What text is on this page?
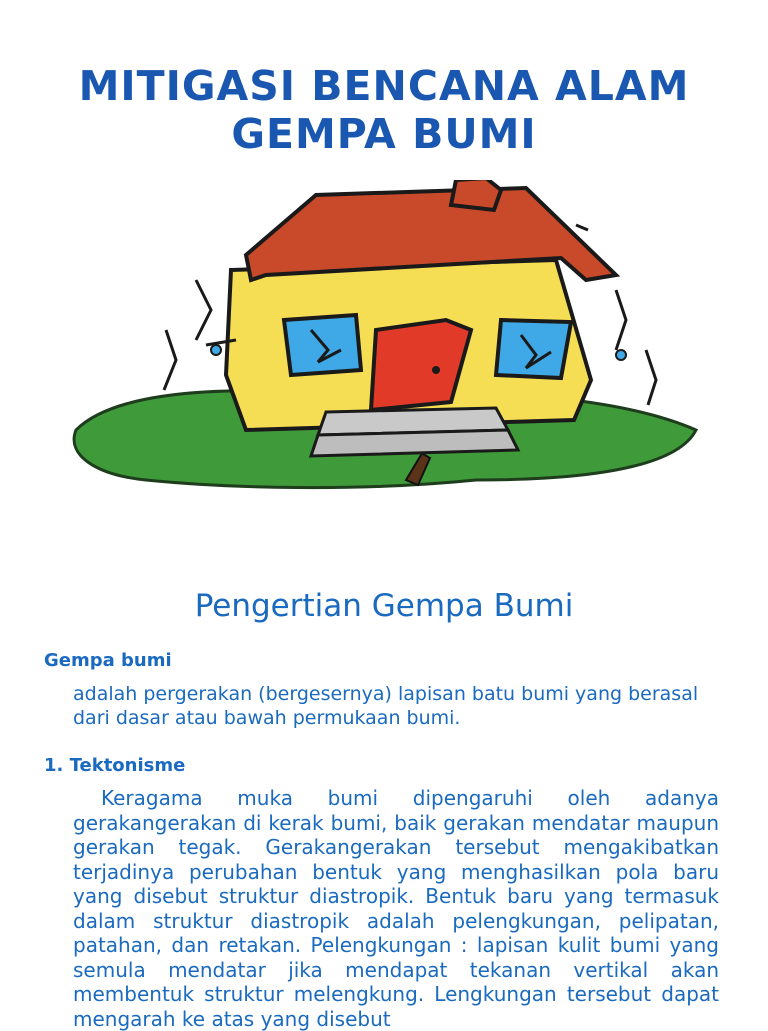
MITIGASI BENCANA ALAM
GEMPA BUMI
Pengertian Gempa Bumi
Gempa bumi
adalah pergerakan (bergesernya) lapisan batu bumi yang berasal dari dasar atau bawah permukaan bumi.
1. Tektonisme
Keragama muka bumi dipengaruhi oleh adanya gerakangerakan di kerak bumi, baik gerakan mendatar maupun gerakan tegak. Gerakangerakan tersebut mengakibatkan terjadinya perubahan bentuk yang menghasilkan pola baru yang disebut struktur diastropik. Bentuk baru yang termasuk dalam struktur diastropik adalah pelengkungan, pelipatan, patahan, dan retakan. Pelengkungan : lapisan kulit bumi yang semula mendatar jika mendapat tekanan vertikal akan membentuk struktur melengkung. Lengkungan tersebut dapat mengarah ke atas yang disebut
